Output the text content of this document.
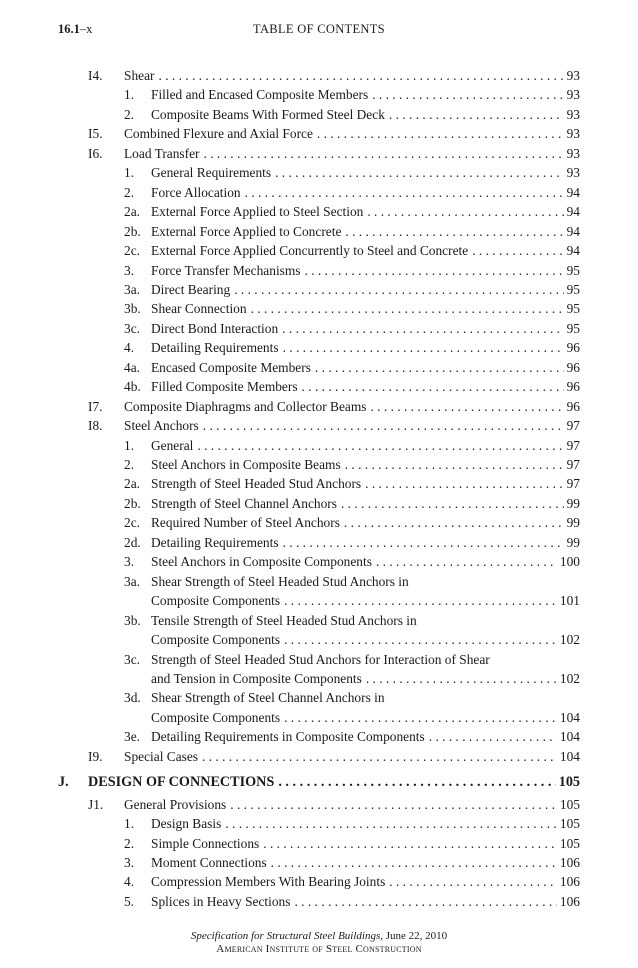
16.1–x	TABLE OF CONTENTS
I4. Shear . . .	93
1. Filled and Encased Composite Members . . .	93
2. Composite Beams With Formed Steel Deck . . .	93
I5. Combined Flexure and Axial Force . . .	93
I6. Load Transfer . . .	93
1. General Requirements . . .	93
2. Force Allocation . . .	94
2a. External Force Applied to Steel Section . . .	94
2b. External Force Applied to Concrete . . .	94
2c. External Force Applied Concurrently to Steel and Concrete . . .	94
3. Force Transfer Mechanisms . . .	95
3a. Direct Bearing . . .	95
3b. Shear Connection . . .	95
3c. Direct Bond Interaction . . .	95
4. Detailing Requirements . . .	96
4a. Encased Composite Members . . .	96
4b. Filled Composite Members . . .	96
I7. Composite Diaphragms and Collector Beams . . .	96
I8. Steel Anchors . . .	97
1. General . . .	97
2. Steel Anchors in Composite Beams . . .	97
2a. Strength of Steel Headed Stud Anchors . . .	97
2b. Strength of Steel Channel Anchors . . .	99
2c. Required Number of Steel Anchors . . .	99
2d. Detailing Requirements . . .	99
3. Steel Anchors in Composite Components . . .	100
3a. Shear Strength of Steel Headed Stud Anchors in
Composite Components . . .	101
3b. Tensile Strength of Steel Headed Stud Anchors in
Composite Components . . .	102
3c. Strength of Steel Headed Stud Anchors for Interaction of Shear
and Tension in Composite Components . . .	102
3d. Shear Strength of Steel Channel Anchors in
Composite Components . . .	104
3e. Detailing Requirements in Composite Components . . .	104
I9. Special Cases . . .	104
J. DESIGN OF CONNECTIONS . . .	105
J1. General Provisions . . .	105
1. Design Basis . . .	105
2. Simple Connections . . .	105
3. Moment Connections . . .	106
4. Compression Members With Bearing Joints . . .	106
5. Splices in Heavy Sections . . .	106
Specification for Structural Steel Buildings, June 22, 2010
American Institute of Steel Construction
